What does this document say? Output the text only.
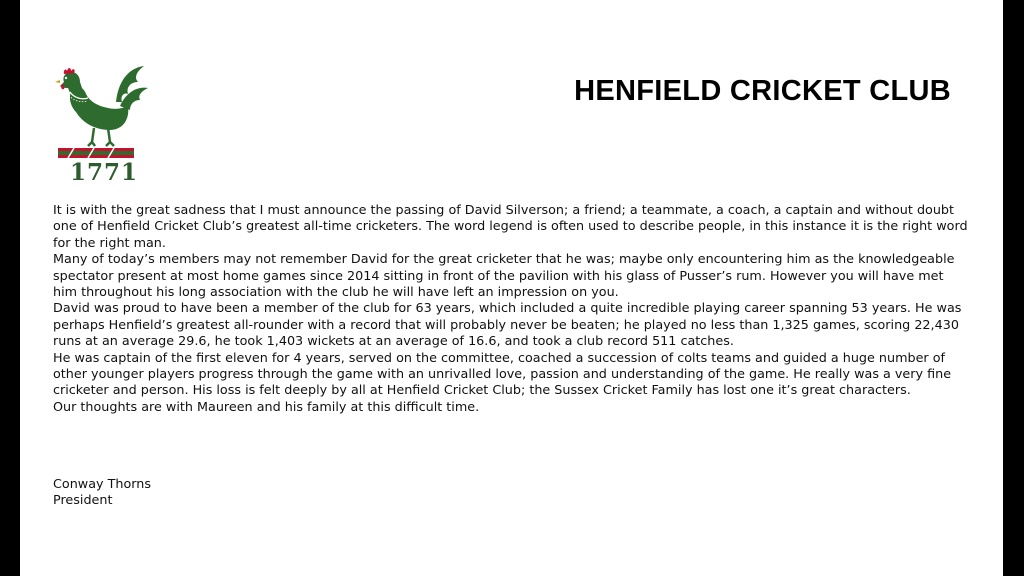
1771
HENFIELD CRICKET CLUB

It is with the great sadness that I must announce the passing of David Silverson; a friend; a teammate, a coach, a captain and without doubt one of Henfield Cricket Club’s greatest all-time cricketers. The word legend is often used to describe people, in this instance it is the right word for the right man.

Many of today’s members may not remember David for the great cricketer that he was; maybe only encountering him as the knowledgeable spectator present at most home games since 2014 sitting in front of the pavilion with his glass of Pusser’s rum. However you will have met him throughout his long association with the club he will have left an impression on you.

David was proud to have been a member of the club for 63 years, which included a quite incredible playing career spanning 53 years. He was perhaps Henfield’s greatest all-rounder with a record that will probably never be beaten; he played no less than 1,325 games, scoring 22,430 runs at an average 29.6, he took 1,403 wickets at an average of 16.6, and took a club record 511 catches.

He was captain of the first eleven for 4 years, served on the committee, coached a succession of colts teams and guided a huge number of other younger players progress through the game with an unrivalled love, passion and understanding of the game. He really was a very fine cricketer and person. His loss is felt deeply by all at Henfield Cricket Club; the Sussex Cricket Family has lost one it’s great characters.

Our thoughts are with Maureen and his family at this difficult time.

Conway Thorns
President
